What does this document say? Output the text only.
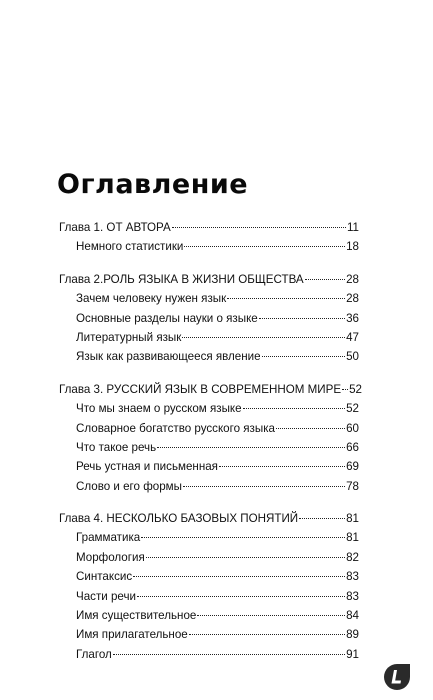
Оглавление
Глава 1. ОТ АВТОРА	11
Немного статистики	18
Глава 2.РОЛЬ ЯЗЫКА В ЖИЗНИ ОБЩЕСТВА	28
Зачем человеку нужен язык	28
Основные разделы науки о языке	36
Литературный язык	47
Язык как развивающееся явление	50
Глава 3. РУССКИЙ ЯЗЫК В СОВРЕМЕННОМ МИРЕ 52
Что мы знаем о русском языке	52
Словарное богатство русского языка	60
Что такое речь	66
Речь устная и письменная	69
Слово и его формы	78
Глава 4. НЕСКОЛЬКО БАЗОВЫХ ПОНЯТИЙ	81
Грамматика	81
Морфология	82
Синтаксис	83
Части речи	83
Имя существительное	84
Имя прилагательное	89
Глагол	91
